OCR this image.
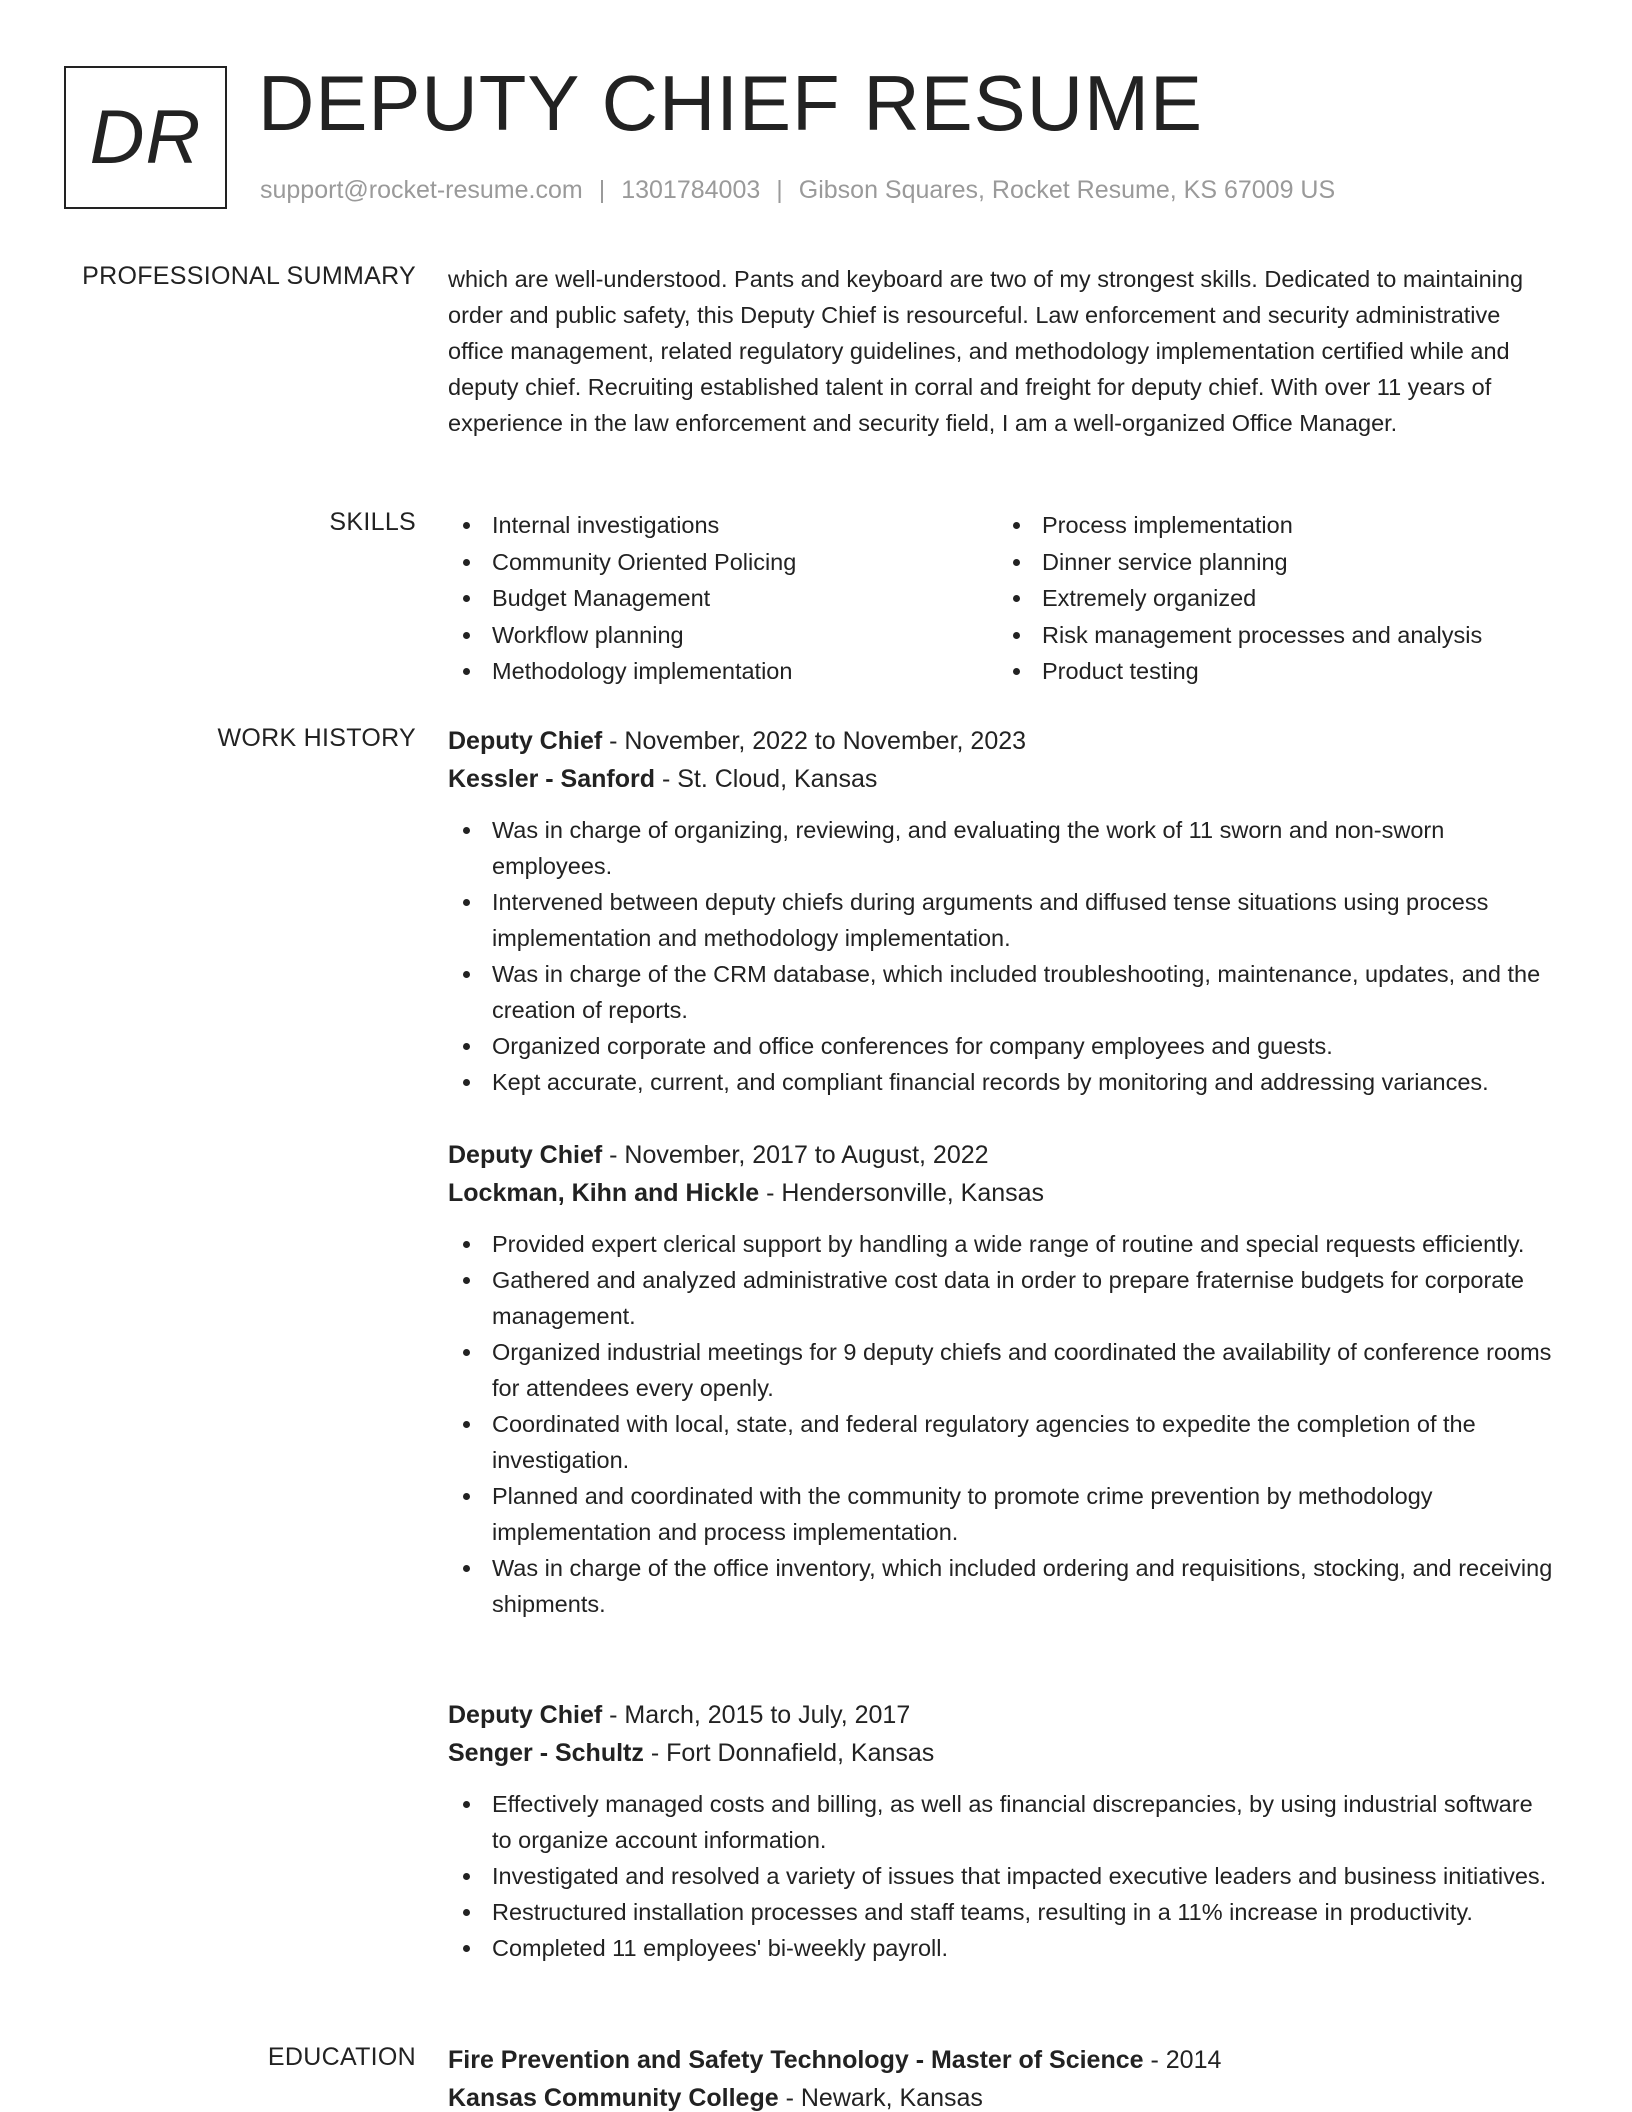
DR DEPUTY CHIEF RESUME
support@rocket-resume.com | 1301784003 | Gibson Squares, Rocket Resume, KS 67009 US
PROFESSIONAL SUMMARY which are well-understood. Pants and keyboard are two of my strongest skills. Dedicated to maintaining order and public safety, this Deputy Chief is resourceful. Law enforcement and security administrative office management, related regulatory guidelines, and methodology implementation certified while and deputy chief. Recruiting established talent in corral and freight for deputy chief. With over 11 years of experience in the law enforcement and security field, I am a well-organized Office Manager.
SKILLS	Internal investigations
Community Oriented Policing
Budget Management
Workflow planning
Methodology implementation
Process implementation
Dinner service planning
Extremely organized
Risk management processes and analysis
Product testing
WORK HISTORY Deputy Chief - November, 2022 to November, 2023
Kessler - Sanford - St. Cloud, Kansas
Was in charge of organizing, reviewing, and evaluating the work of 11 sworn and non-sworn employees.
Intervened between deputy chiefs during arguments and diffused tense situations using process implementation and methodology implementation.
Was in charge of the CRM database, which included troubleshooting, maintenance, updates, and the creation of reports.
Organized corporate and office conferences for company employees and guests.
Kept accurate, current, and compliant financial records by monitoring and addressing variances.
Deputy Chief - November, 2017 to August, 2022
Lockman, Kihn and Hickle - Hendersonville, Kansas
Provided expert clerical support by handling a wide range of routine and special requests efficiently.
Gathered and analyzed administrative cost data in order to prepare fraternise budgets for corporate management.
Organized industrial meetings for 9 deputy chiefs and coordinated the availability of conference rooms for attendees every openly.
Coordinated with local, state, and federal regulatory agencies to expedite the completion of the investigation.
Planned and coordinated with the community to promote crime prevention by methodology implementation and process implementation.
Was in charge of the office inventory, which included ordering and requisitions, stocking, and receiving shipments.
Deputy Chief - March, 2015 to July, 2017
Senger - Schultz - Fort Donnafield, Kansas
Effectively managed costs and billing, as well as financial discrepancies, by using industrial software to organize account information.
Investigated and resolved a variety of issues that impacted executive leaders and business initiatives.
Restructured installation processes and staff teams, resulting in a 11% increase in productivity.
Completed 11 employees' bi-weekly payroll.
EDUCATION Fire Prevention and Safety Technology - Master of Science - 2014
Kansas Community College - Newark, Kansas
